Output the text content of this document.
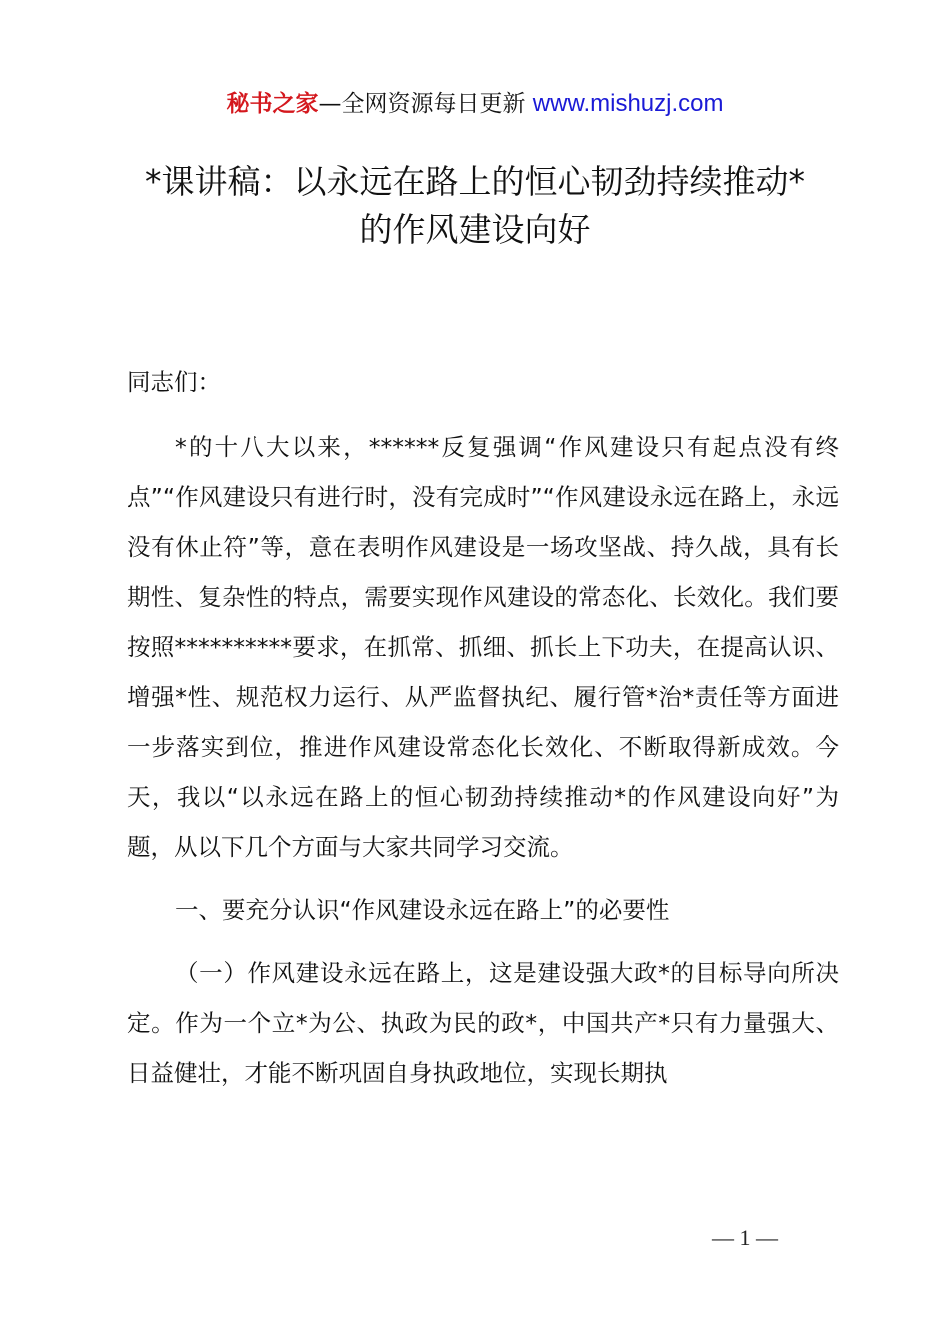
秘书之家—全网资源每日更新 www.mishuzj.com
*课讲稿：以永远在路上的恒心韧劲持续推动*
的作风建设向好

同志们：

*的十八大以来，******反复强调“作风建设只有起点没有终点”“作风建设只有进行时，没有完成时”“作风建设永远在路上，永远没有休止符”等，意在表明作风建设是一场攻坚战、持久战，具有长期性、复杂性的特点，需要实现作风建设的常态化、长效化。我们要按照**********要求，在抓常、抓细、抓长上下功夫，在提高认识、增强*性、规范权力运行、从严监督执纪、履行管*治*责任等方面进一步落实到位，推进作风建设常态化长效化、不断取得新成效。今天，我以“以永远在路上的恒心韧劲持续推动*的作风建设向好”为题，从以下几个方面与大家共同学习交流。

一、要充分认识“作风建设永远在路上”的必要性

（一）作风建设永远在路上，这是建设强大政*的目标导向所决定。作为一个立*为公、执政为民的政*，中国共产*只有力量强大、日益健壮，才能不断巩固自身执政地位，实现长期执

— 1 —
